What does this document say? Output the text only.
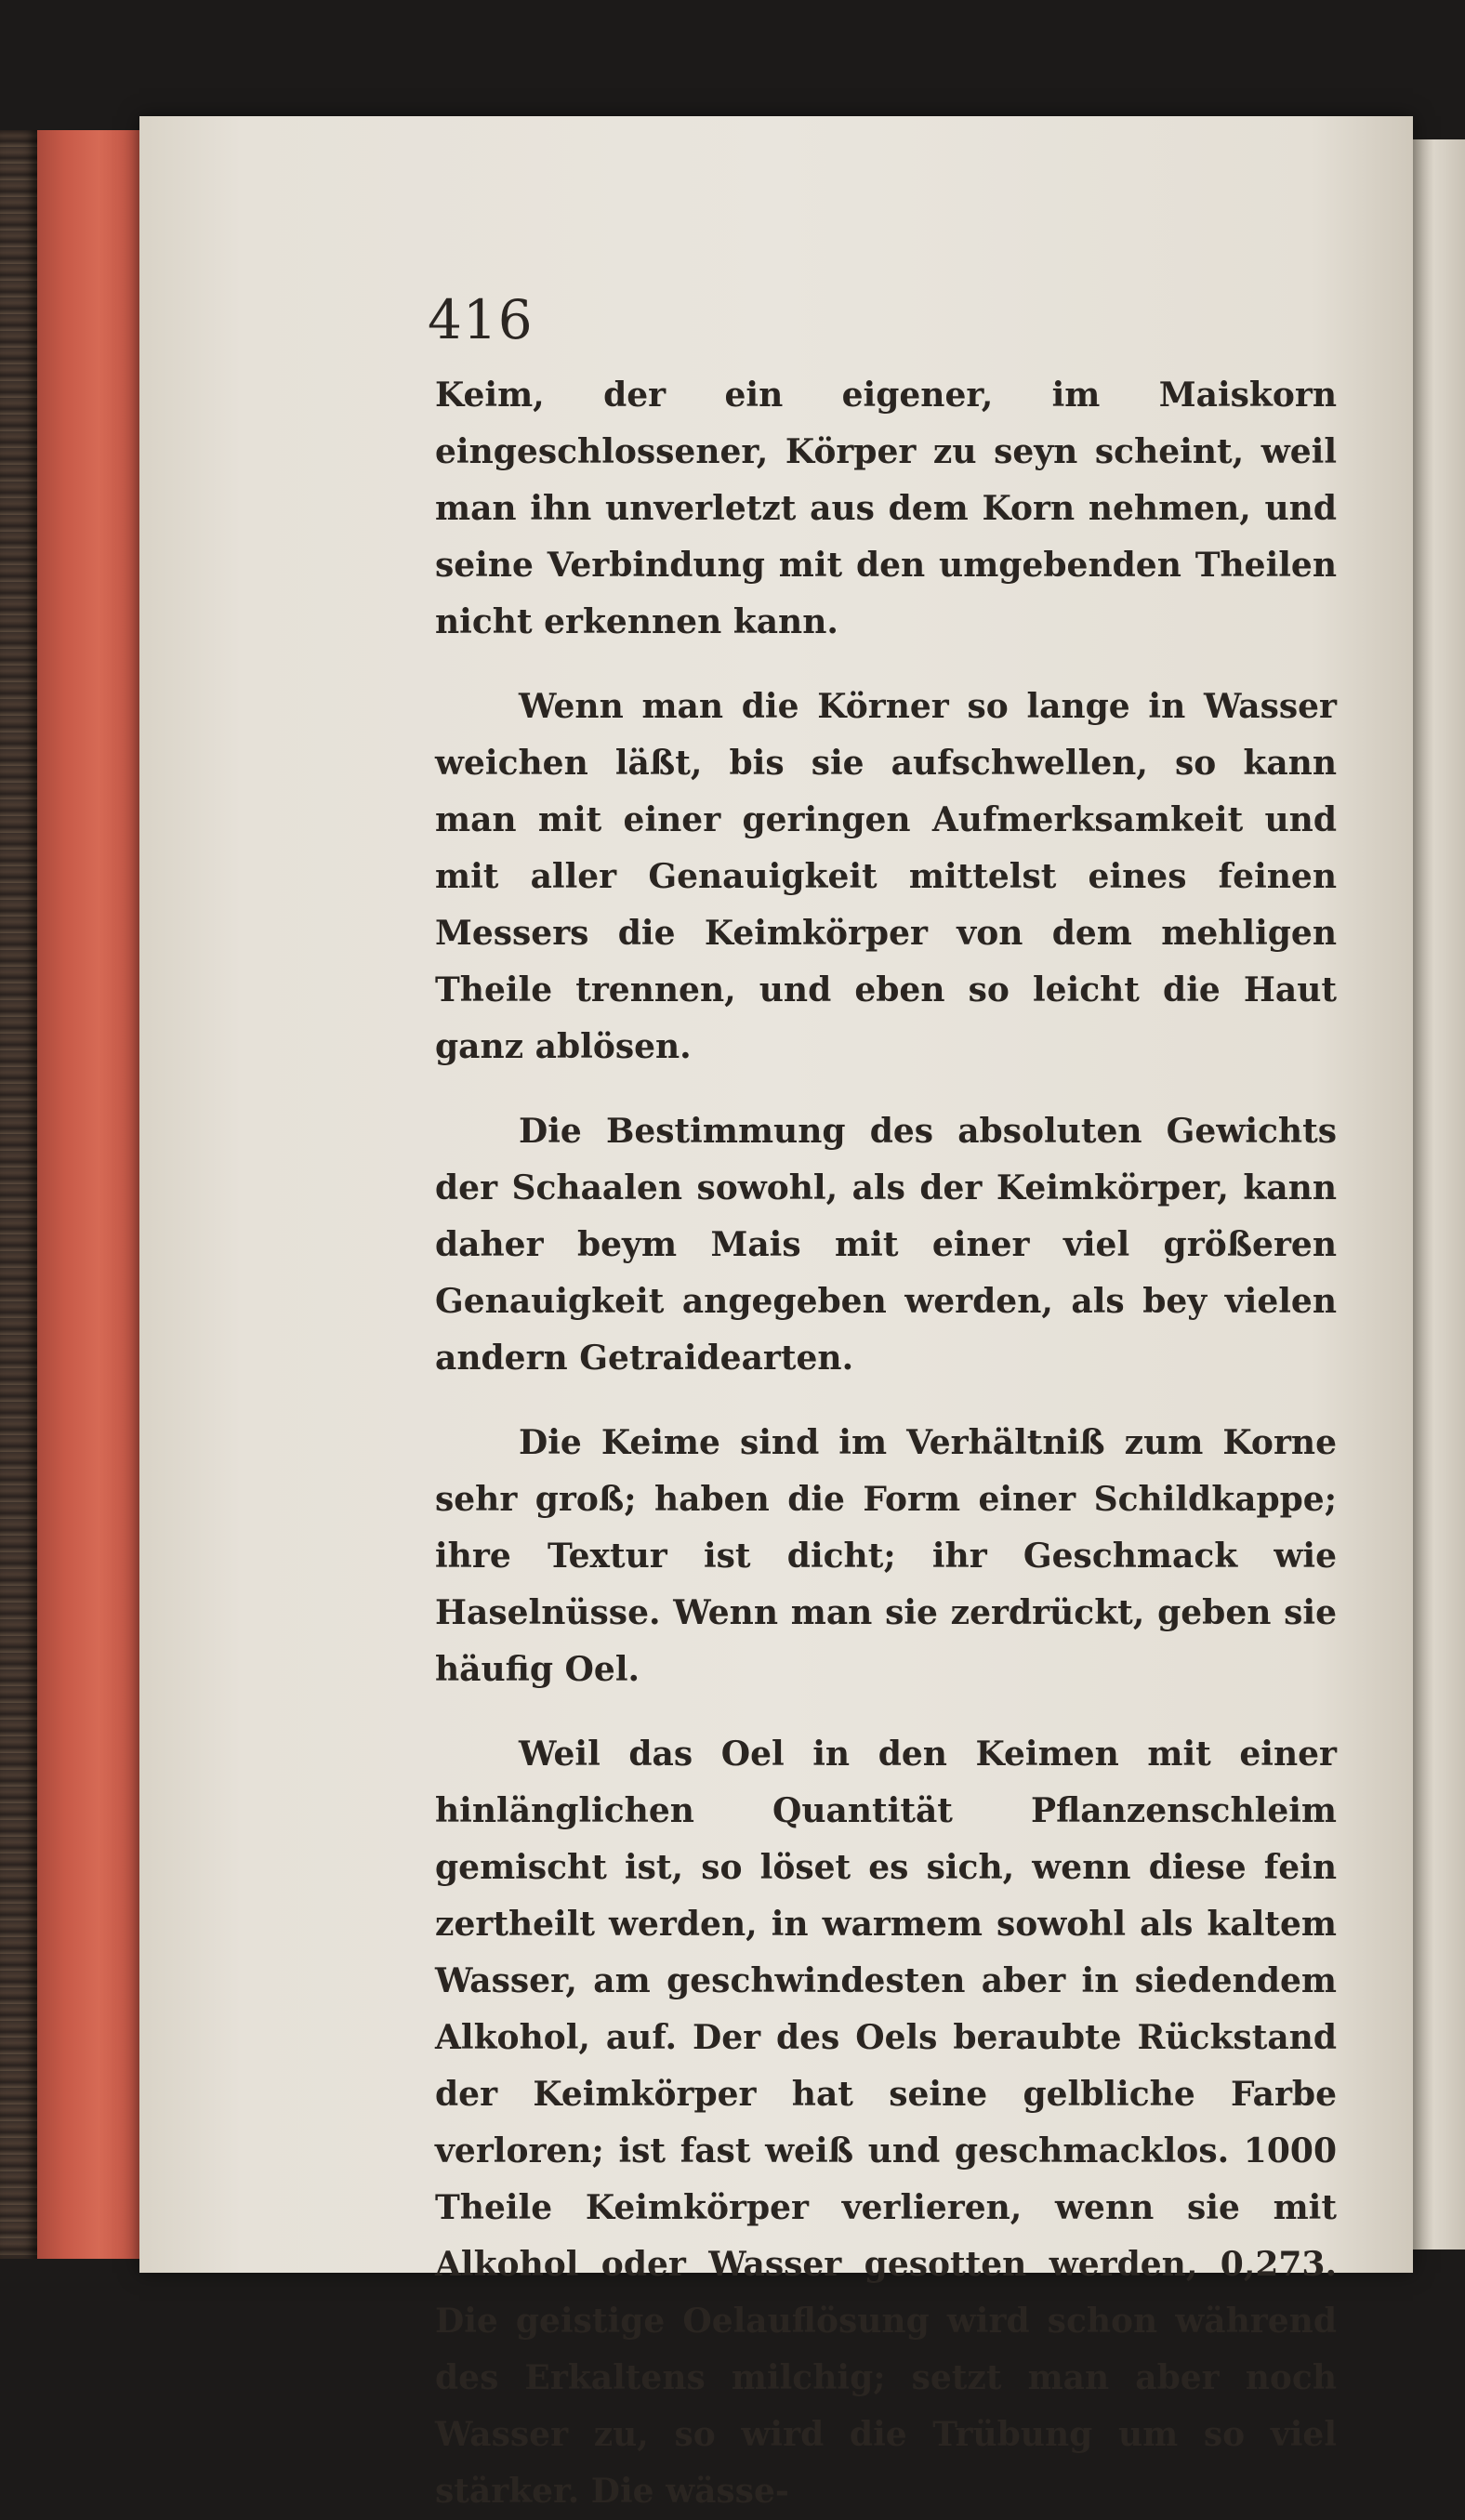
416

Keim, der ein eigener, im Maiskorn eingeschlossener, Körper zu seyn scheint, weil man ihn unverletzt aus dem Korn nehmen, und seine Verbindung mit den umgebenden Theilen nicht erkennen kann.

Wenn man die Körner so lange in Wasser weichen läßt, bis sie aufschwellen, so kann man mit einer geringen Aufmerksamkeit und mit aller Genauigkeit mittelst eines feinen Messers die Keimkörper von dem mehligen Theile trennen, und eben so leicht die Haut ganz ablösen.

Die Bestimmung des absoluten Gewichts der Schaalen sowohl, als der Keimkörper, kann daher beym Mais mit einer viel größeren Genauigkeit angegeben werden, als bey vielen andern Getraidearten.

Die Keime sind im Verhältniß zum Korne sehr groß; haben die Form einer Schildkappe; ihre Textur ist dicht; ihr Geschmack wie Haselnüsse. Wenn man sie zerdrückt, geben sie häufig Oel.

Weil das Oel in den Keimen mit einer hinlänglichen Quantität Pflanzenschleim gemischt ist, so löset es sich, wenn diese fein zertheilt werden, in warmem sowohl als kaltem Wasser, am geschwindesten aber in siedendem Alkohol, auf. Der des Oels beraubte Rückstand der Keimkörper hat seine gelbliche Farbe verloren; ist fast weiß und geschmacklos. 1000 Theile Keimkörper verlieren, wenn sie mit Alkohol oder Wasser gesotten werden, 0,273. Die geistige Oelauflösung wird schon während des Erkaltens milchig; setzt man aber noch Wasser zu, so wird die Trübung um so viel stärker. Die wässe-
